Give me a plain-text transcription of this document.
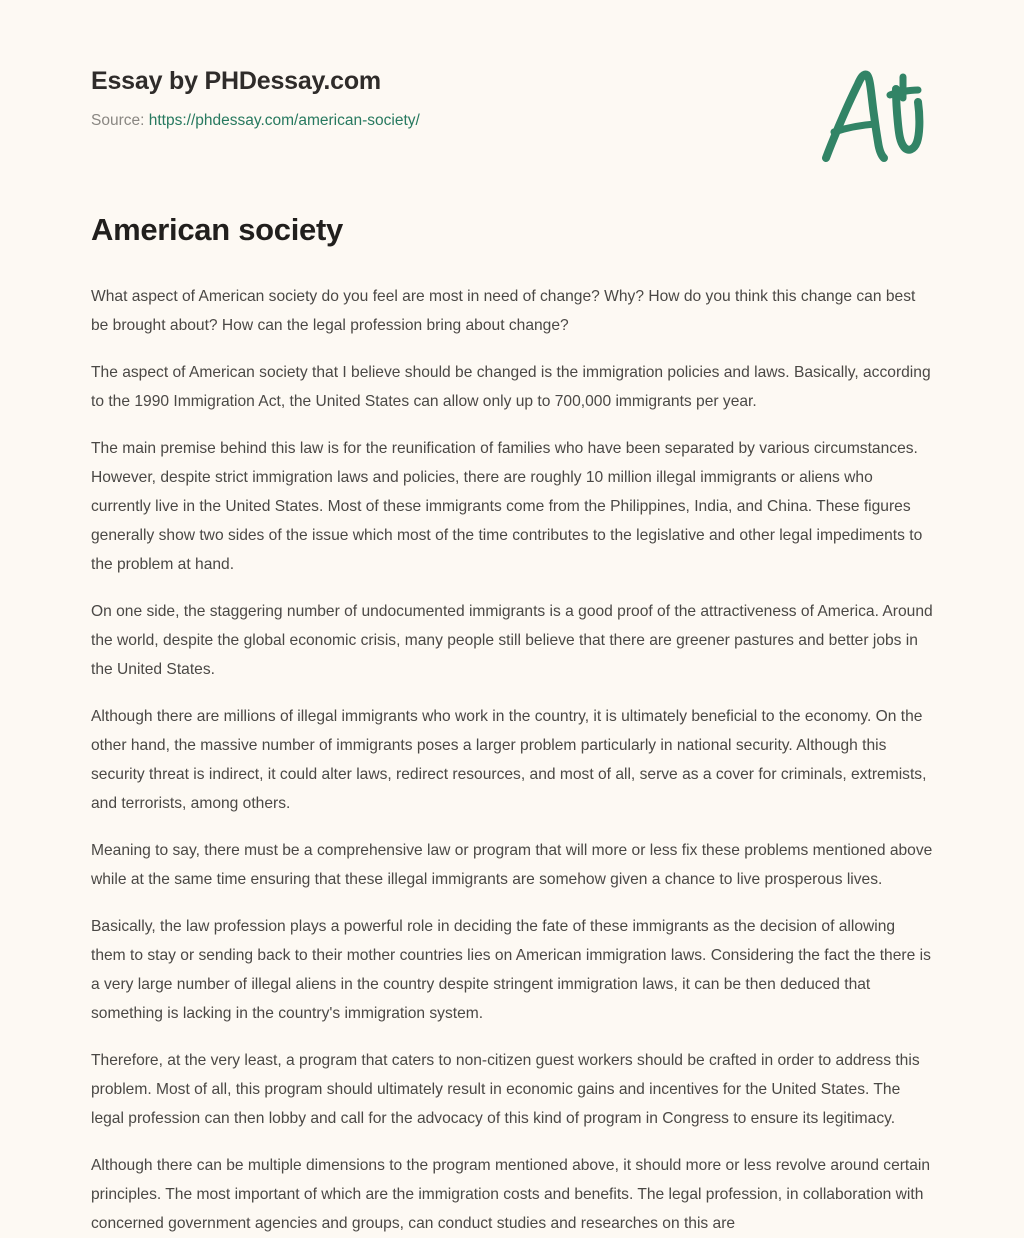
Essay by PHDessay.com
Source: https://phdessay.com/american-society/
American society

What aspect of American society do you feel are most in need of change? Why? How do you think this change can best be brought about? How can the legal profession bring about change?

The aspect of American society that I believe should be changed is the immigration policies and laws. Basically, according to the 1990 Immigration Act, the United States can allow only up to 700,000 immigrants per year.

The main premise behind this law is for the reunification of families who have been separated by various circumstances. However, despite strict immigration laws and policies, there are roughly 10 million illegal immigrants or aliens who currently live in the United States. Most of these immigrants come from the Philippines, India, and China. These figures generally show two sides of the issue which most of the time contributes to the legislative and other legal impediments to the problem at hand.

On one side, the staggering number of undocumented immigrants is a good proof of the attractiveness of America. Around the world, despite the global economic crisis, many people still believe that there are greener pastures and better jobs in the United States.

Although there are millions of illegal immigrants who work in the country, it is ultimately beneficial to the economy. On the other hand, the massive number of immigrants poses a larger problem particularly in national security. Although this security threat is indirect, it could alter laws, redirect resources, and most of all, serve as a cover for criminals, extremists, and terrorists, among others.

Meaning to say, there must be a comprehensive law or program that will more or less fix these problems mentioned above while at the same time ensuring that these illegal immigrants are somehow given a chance to live prosperous lives.

Basically, the law profession plays a powerful role in deciding the fate of these immigrants as the decision of allowing them to stay or sending back to their mother countries lies on American immigration laws. Considering the fact the there is a very large number of illegal aliens in the country despite stringent immigration laws, it can be then deduced that something is lacking in the country's immigration system.

Therefore, at the very least, a program that caters to non-citizen guest workers should be crafted in order to address this problem. Most of all, this program should ultimately result in economic gains and incentives for the United States. The legal profession can then lobby and call for the advocacy of this kind of program in Congress to ensure its legitimacy.

Although there can be multiple dimensions to the program mentioned above, it should more or less revolve around certain principles. The most important of which are the immigration costs and benefits. The legal profession, in collaboration with concerned government agencies and groups, can conduct studies and researches on this are
